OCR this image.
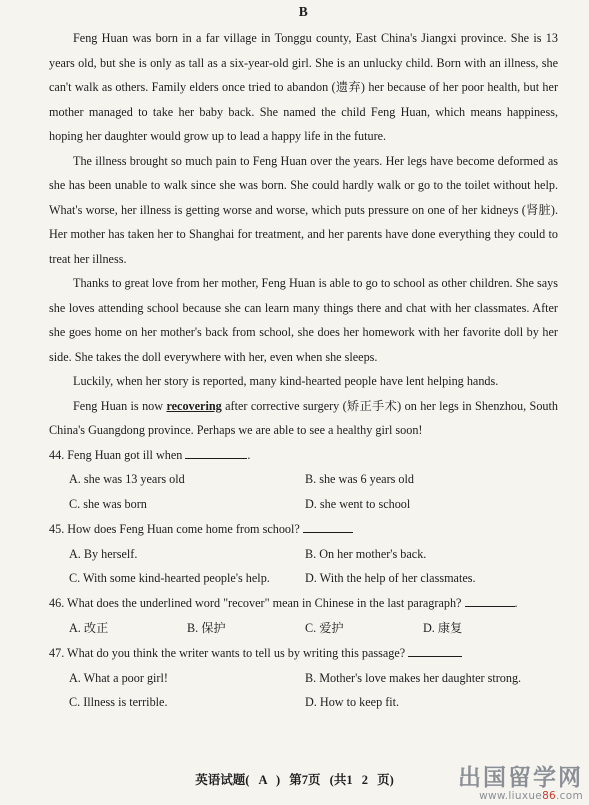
B

Feng Huan was born in a far village in Tonggu county, East China's Jiangxi province. She is 13 years old, but she is only as tall as a six-year-old girl. She is an unlucky child. Born with an illness, she can't walk as others. Family elders once tried to abandon (遗弃) her because of her poor health, but her mother managed to take her baby back. She named the child Feng Huan, which means happiness, hoping her daughter would grow up to lead a happy life in the future.

The illness brought so much pain to Feng Huan over the years. Her legs have become deformed as she has been unable to walk since she was born. She could hardly walk or go to the toilet without help. What's worse, her illness is getting worse and worse, which puts pressure on one of her kidneys (肾脏). Her mother has taken her to Shanghai for treatment, and her parents have done everything they could to treat her illness.

Thanks to great love from her mother, Feng Huan is able to go to school as other children. She says she loves attending school because she can learn many things there and chat with her classmates. After she goes home on her mother's back from school, she does her homework with her favorite doll by her side. She takes the doll everywhere with her, even when she sleeps.

Luckily, when her story is reported, many kind-hearted people have lent helping hands.

Feng Huan is now recovering after corrective surgery (矫正手术) on her legs in Shenzhou, South China's Guangdong province. Perhaps we are able to see a healthy girl soon!

44. Feng Huan got ill when	.

A. she was 13 years old	B. she was 6 years old
C. she was born	D. she went to school

45. How does Feng Huan come home from school?

A. By herself.	B. On her mother's back.
C. With some kind-hearted people's help.	D. With the help of her classmates.

46. What does the underlined word "recover" mean in Chinese in the last paragraph?	.

A. 改正	B. 保护	C. 爱护	D. 康复

47. What do you think the writer wants to tell us by writing this passage?

A. What a poor girl!	B. Mother's love makes her daughter strong.
C. Illness is terrible.	D. How to keep fit.
英语试题( A ) 第7页 (共1 2 页)	出国留学网
www.liuxue86.com
